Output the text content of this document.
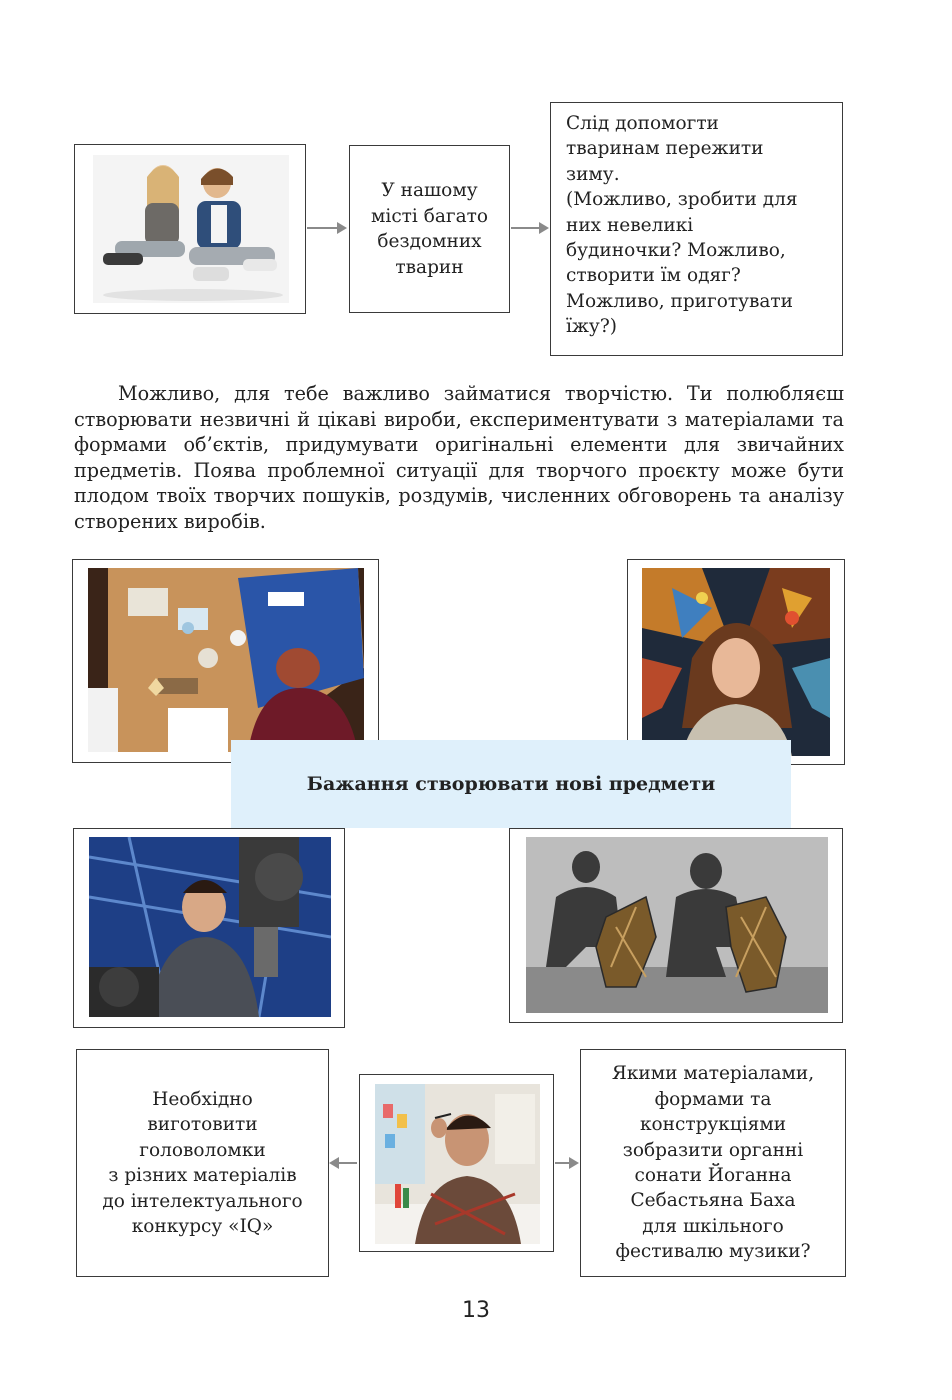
У нашому
місті багато
бездомних
тварин
Слід допомогти
тваринам пережити
зиму.
(Можливо, зробити для
них невеликі
будиночки? Можливо,
створити їм одяг?
Можливо, приготувати
їжу?)

Можливо, для тебе важливо займатися творчістю. Ти полюбляєш створювати незвичні й цікаві вироби, експериментувати з матеріалами та формами об’єктів, придумувати оригінальні елементи для звичайних предметів. Поява проблемної ситуації для творчого проєкту може бути плодом твоїх творчих пошуків, роздумів, численних обговорень та аналізу створених виробів.

Бажання створювати нові предмети
Необхідно
виготовити
головоломки
з різних матеріалів
до інтелектуального
конкурсу «IQ»
Якими матеріалами,
формами та
конструкціями
зобразити органні
сонати Йоганна
Себастьяна Баха
для шкільного
фестивалю музики?
13
